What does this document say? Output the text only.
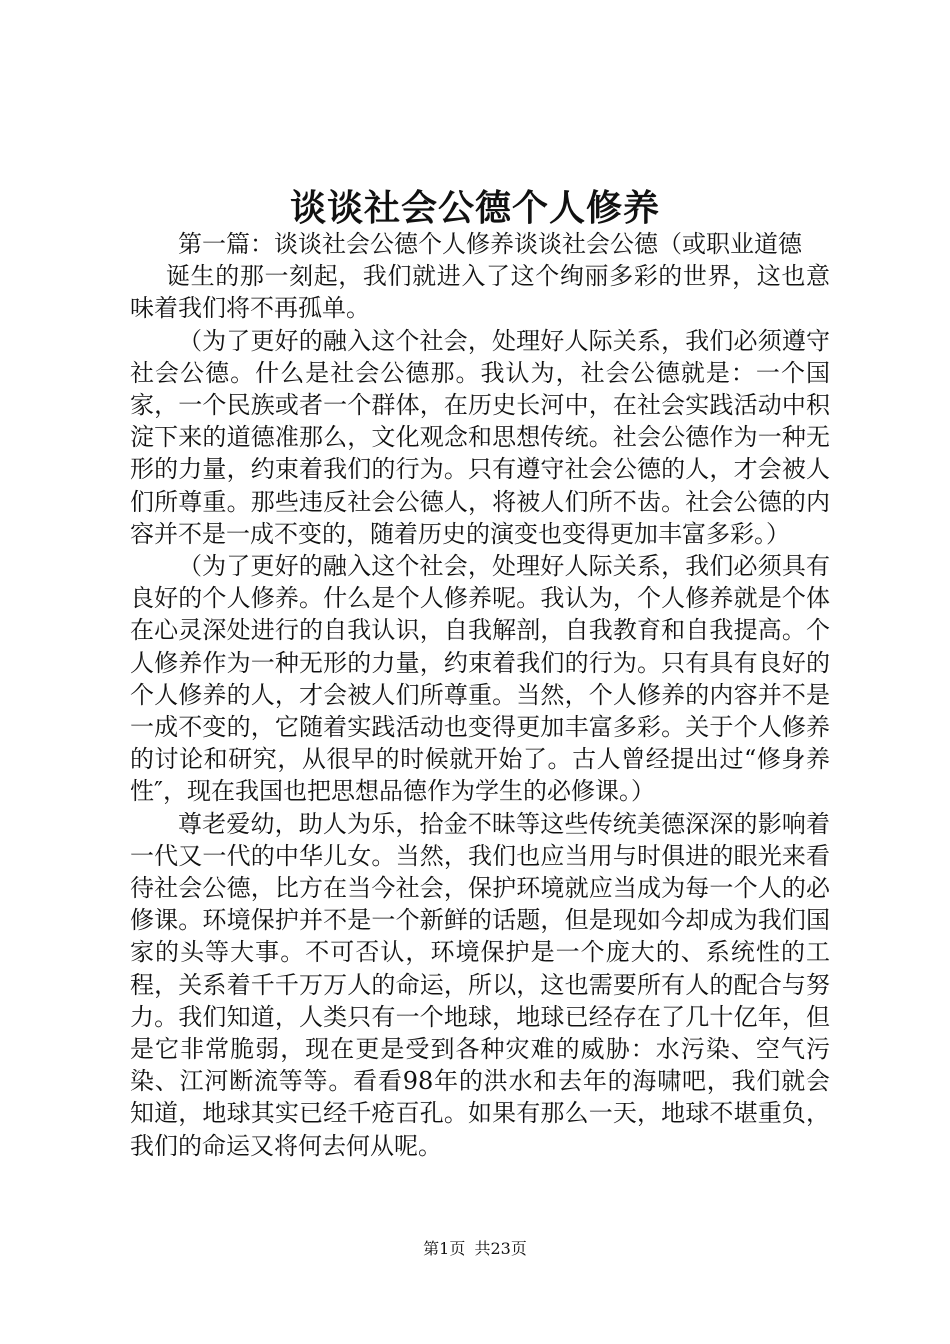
谈谈社会公德个人修养

第一篇：谈谈社会公德个人修养谈谈社会公德（或职业道德

诞生的那一刻起，我们就进入了这个绚丽多彩的世界，这也意味着我们将不再孤单。

（为了更好的融入这个社会，处理好人际关系，我们必须遵守社会公德。什么是社会公德那。我认为，社会公德就是：一个国家，一个民族或者一个群体，在历史长河中，在社会实践活动中积淀下来的道德准那么，文化观念和思想传统。社会公德作为一种无形的力量，约束着我们的行为。只有遵守社会公德的人，才会被人们所尊重。那些违反社会公德人，将被人们所不齿。社会公德的内容并不是一成不变的，随着历史的演变也变得更加丰富多彩。）

（为了更好的融入这个社会，处理好人际关系，我们必须具有良好的个人修养。什么是个人修养呢。我认为，个人修养就是个体在心灵深处进行的自我认识，自我解剖，自我教育和自我提高。个人修养作为一种无形的力量，约束着我们的行为。只有具有良好的个人修养的人，才会被人们所尊重。当然，个人修养的内容并不是一成不变的，它随着实践活动也变得更加丰富多彩。关于个人修养的讨论和研究，从很早的时候就开始了。古人曾经提出过“修身养性″，现在我国也把思想品德作为学生的必修课。）

尊老爱幼，助人为乐，拾金不昧等这些传统美德深深的影响着一代又一代的中华儿女。当然，我们也应当用与时俱进的眼光来看待社会公德，比方在当今社会，保护环境就应当成为每一个人的必修课。环境保护并不是一个新鲜的话题，但是现如今却成为我们国家的头等大事。不可否认，环境保护是一个庞大的、系统性的工程，关系着千千万万人的命运，所以，这也需要所有人的配合与努力。我们知道，人类只有一个地球，地球已经存在了几十亿年，但是它非常脆弱，现在更是受到各种灾难的威胁：水污染、空气污染、江河断流等等。看看98年的洪水和去年的海啸吧，我们就会知道，地球其实已经千疮百孔。如果有那么一天，地球不堪重负，我们的命运又将何去何从呢。

第1页 共23页
